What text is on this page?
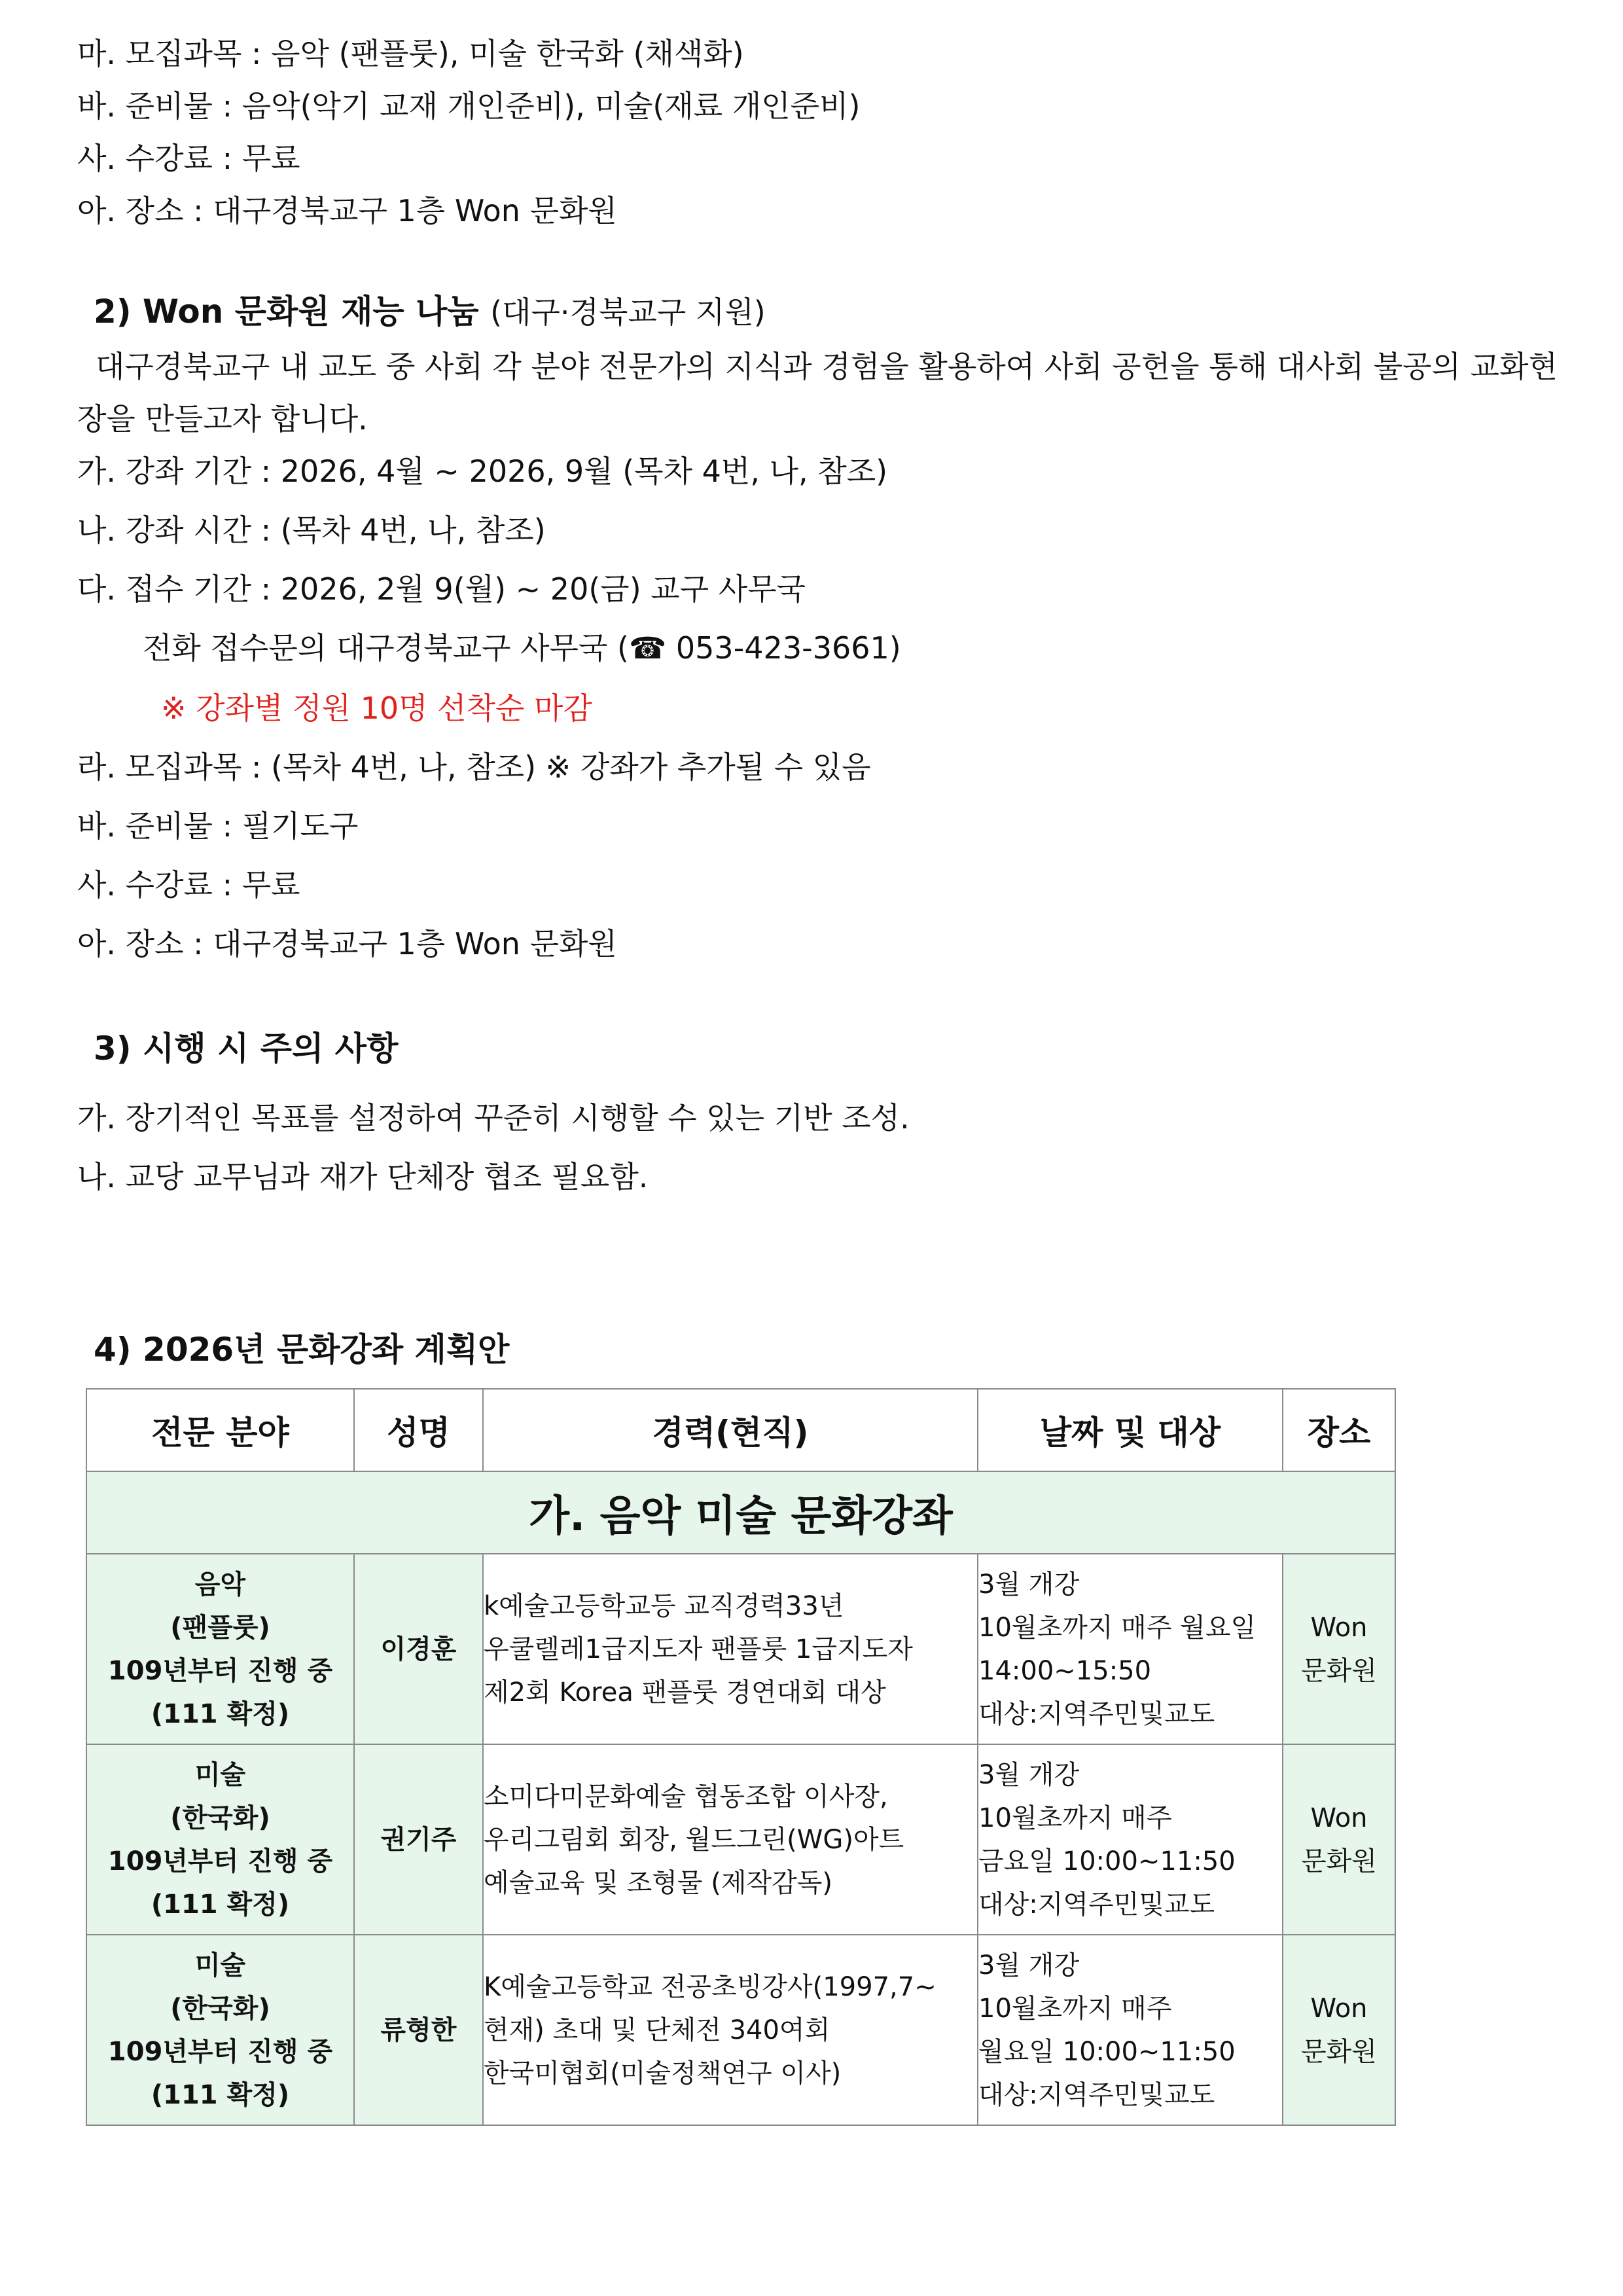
마. 모집과목 : 음악 (팬플룻), 미술 한국화 (채색화)
바. 준비물 : 음악(악기 교재 개인준비), 미술(재료 개인준비)
사. 수강료 : 무료
아. 장소 : 대구경북교구 1층 Won 문화원
2) Won 문화원 재능 나눔 (대구·경북교구 지원)
대구경북교구 내 교도 중 사회 각 분야 전문가의 지식과 경험을 활용하여 사회 공헌을 통해 대사회 불공의 교화현장을 만들고자 합니다.
가. 강좌 기간 : 2026, 4월 ~ 2026, 9월 (목차 4번, 나, 참조)
나. 강좌 시간 : (목차 4번, 나, 참조)
다. 접수 기간 : 2026, 2월 9(월) ~ 20(금) 교구 사무국
전화 접수문의 대구경북교구 사무국 (☎ 053-423-3661)
※ 강좌별 정원 10명 선착순 마감
라. 모집과목 : (목차 4번, 나, 참조) ※ 강좌가 추가될 수 있음
바. 준비물 : 필기도구
사. 수강료 : 무료
아. 장소 : 대구경북교구 1층 Won 문화원
3) 시행 시 주의 사항
가. 장기적인 목표를 설정하여 꾸준히 시행할 수 있는 기반 조성.
나. 교당 교무님과 재가 단체장 협조 필요함.
4) 2026년 문화강좌 계획안
전문 분야	성명	경력(현직)	날짜 및 대상	장소
가. 음악 미술 문화강좌				

음악
(팬플룻)
109년부터 진행 중
(111 확정)	이경훈	k예술고등학교등 교직경력33년
우쿨렐레1급지도자 팬플룻 1급지도자
제2회 Korea 팬플룻 경연대회 대상	3월 개강
10월초까지 매주 월요일
14:00~15:50
대상:지역주민및교도	Won
문화원

미술
(한국화)
109년부터 진행 중
(111 확정)	권기주	소미다미문화예술 협동조합 이사장,
우리그림회 회장, 월드그린(WG)아트
예술교육 및 조형물 (제작감독)	3월 개강
10월초까지 매주
금요일 10:00~11:50
대상:지역주민및교도	Won
문화원

미술
(한국화)
109년부터 진행 중
(111 확정)	류형한	K예술고등학교 전공초빙강사(1997,7~
현재) 초대 및 단체전 340여회
한국미협회(미술정책연구 이사)	3월 개강
10월초까지 매주
월요일 10:00~11:50
대상:지역주민및교도	Won
문화원
